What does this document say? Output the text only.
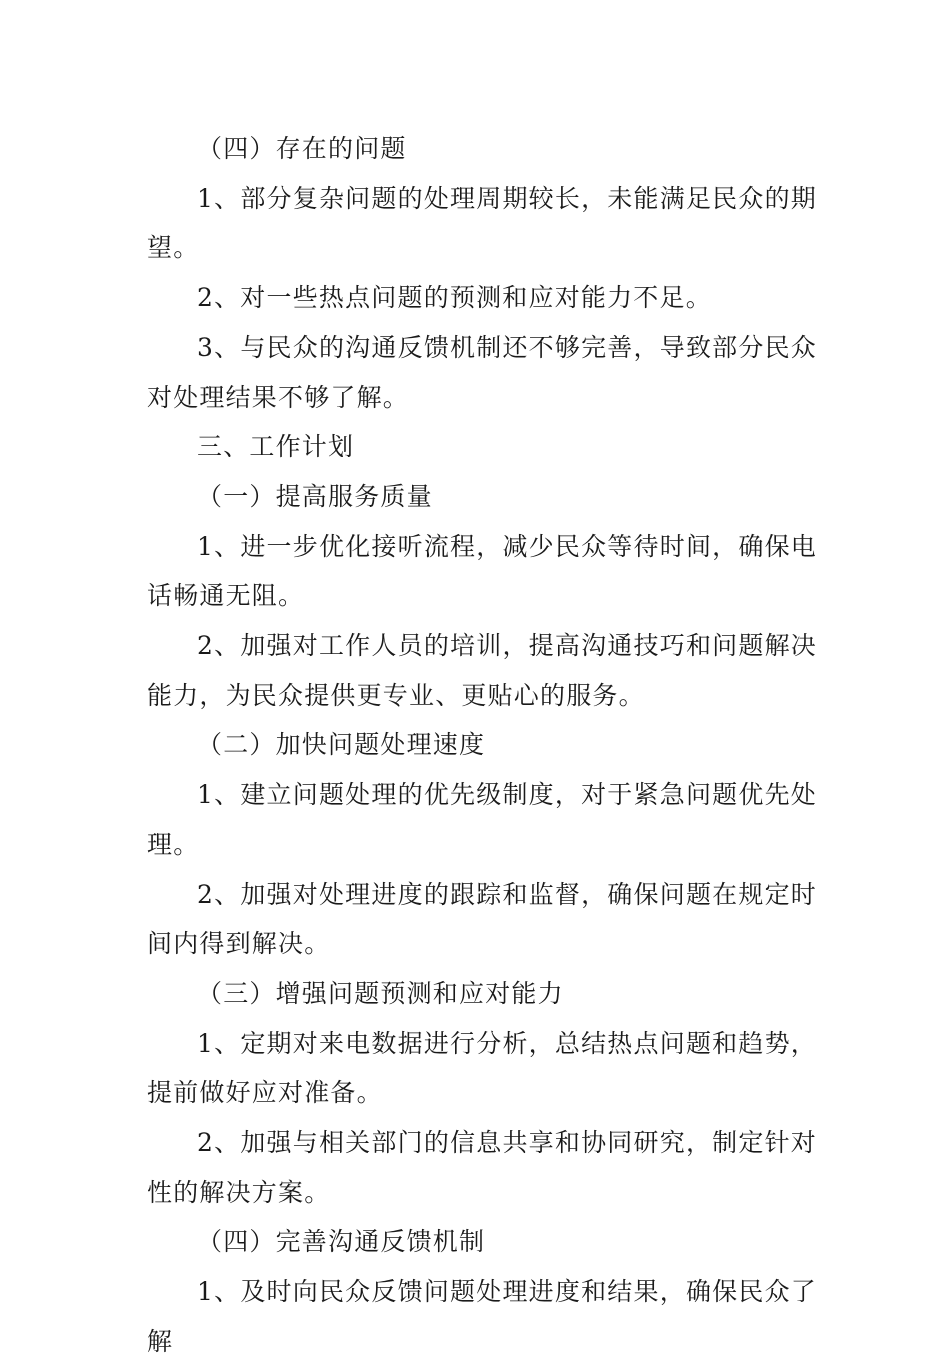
（四）存在的问题

1、部分复杂问题的处理周期较长，未能满足民众的期望。

2、对一些热点问题的预测和应对能力不足。

3、与民众的沟通反馈机制还不够完善，导致部分民众对处理结果不够了解。

三、工作计划

（一）提高服务质量

1、进一步优化接听流程，减少民众等待时间，确保电话畅通无阻。

2、加强对工作人员的培训，提高沟通技巧和问题解决能力，为民众提供更专业、更贴心的服务。

（二）加快问题处理速度

1、建立问题处理的优先级制度，对于紧急问题优先处理。

2、加强对处理进度的跟踪和监督，确保问题在规定时间内得到解决。

（三）增强问题预测和应对能力

1、定期对来电数据进行分析，总结热点问题和趋势，提前做好应对准备。

2、加强与相关部门的信息共享和协同研究，制定针对性的解决方案。

（四）完善沟通反馈机制

1、及时向民众反馈问题处理进度和结果，确保民众了解
